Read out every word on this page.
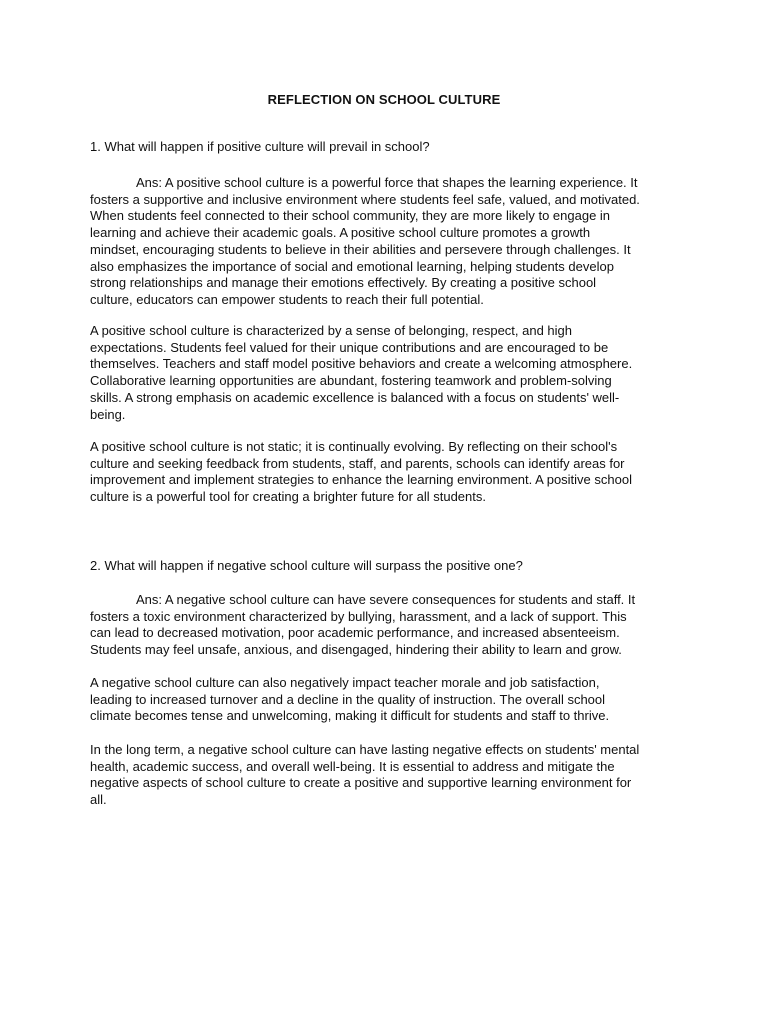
REFLECTION ON SCHOOL CULTURE
1. What will happen if positive culture will prevail in school?

Ans: A positive school culture is a powerful force that shapes the learning experience. It
fosters a supportive and inclusive environment where students feel safe, valued, and motivated.
When students feel connected to their school community, they are more likely to engage in
learning and achieve their academic goals. A positive school culture promotes a growth
mindset, encouraging students to believe in their abilities and persevere through challenges. It
also emphasizes the importance of social and emotional learning, helping students develop
strong relationships and manage their emotions effectively. By creating a positive school
culture, educators can empower students to reach their full potential.

A positive school culture is characterized by a sense of belonging, respect, and high
expectations. Students feel valued for their unique contributions and are encouraged to be
themselves. Teachers and staff model positive behaviors and create a welcoming atmosphere.
Collaborative learning opportunities are abundant, fostering teamwork and problem-solving
skills. A strong emphasis on academic excellence is balanced with a focus on students' well-
being.

A positive school culture is not static; it is continually evolving. By reflecting on their school's
culture and seeking feedback from students, staff, and parents, schools can identify areas for
improvement and implement strategies to enhance the learning environment. A positive school
culture is a powerful tool for creating a brighter future for all students.

2. What will happen if negative school culture will surpass the positive one?

Ans: A negative school culture can have severe consequences for students and staff. It
fosters a toxic environment characterized by bullying, harassment, and a lack of support. This
can lead to decreased motivation, poor academic performance, and increased absenteeism.
Students may feel unsafe, anxious, and disengaged, hindering their ability to learn and grow.

A negative school culture can also negatively impact teacher morale and job satisfaction,
leading to increased turnover and a decline in the quality of instruction. The overall school
climate becomes tense and unwelcoming, making it difficult for students and staff to thrive.

In the long term, a negative school culture can have lasting negative effects on students' mental
health, academic success, and overall well-being. It is essential to address and mitigate the
negative aspects of school culture to create a positive and supportive learning environment for
all.
